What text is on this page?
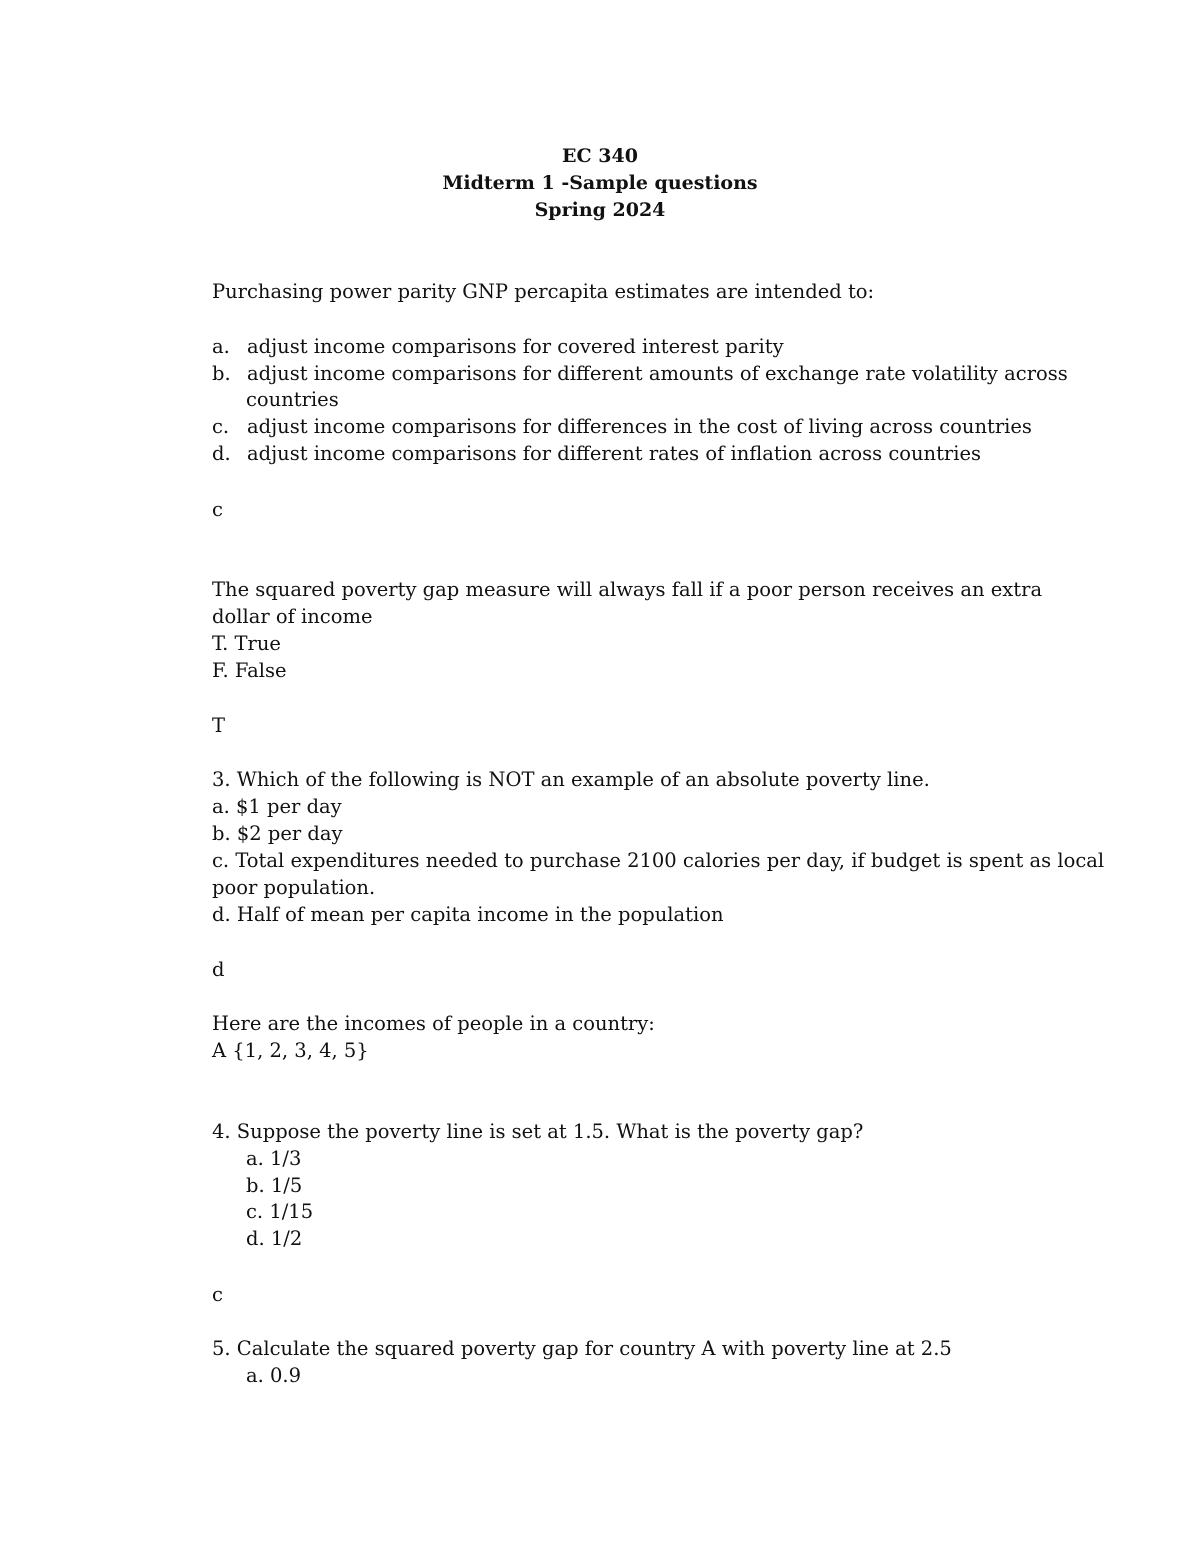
EC 340
Midterm 1 -Sample questions
Spring 2024
Purchasing power parity GNP percapita estimates are intended to:
a. adjust income comparisons for covered interest parity
b. adjust income comparisons for different amounts of exchange rate volatility across
countries
c. adjust income comparisons for differences in the cost of living across countries
d. adjust income comparisons for different rates of inflation across countries
c
The squared poverty gap measure will always fall if a poor person receives an extra
dollar of income
T. True
F. False
T
3. Which of the following is NOT an example of an absolute poverty line.
a. $1 per day
b. $2 per day
c. Total expenditures needed to purchase 2100 calories per day, if budget is spent as local
poor population.
d. Half of mean per capita income in the population
d
Here are the incomes of people in a country:
A {1, 2, 3, 4, 5}
4. Suppose the poverty line is set at 1.5. What is the poverty gap?
a. 1/3
b. 1/5
c. 1/15
d. 1/2
c
5. Calculate the squared poverty gap for country A with poverty line at 2.5
a. 0.9
